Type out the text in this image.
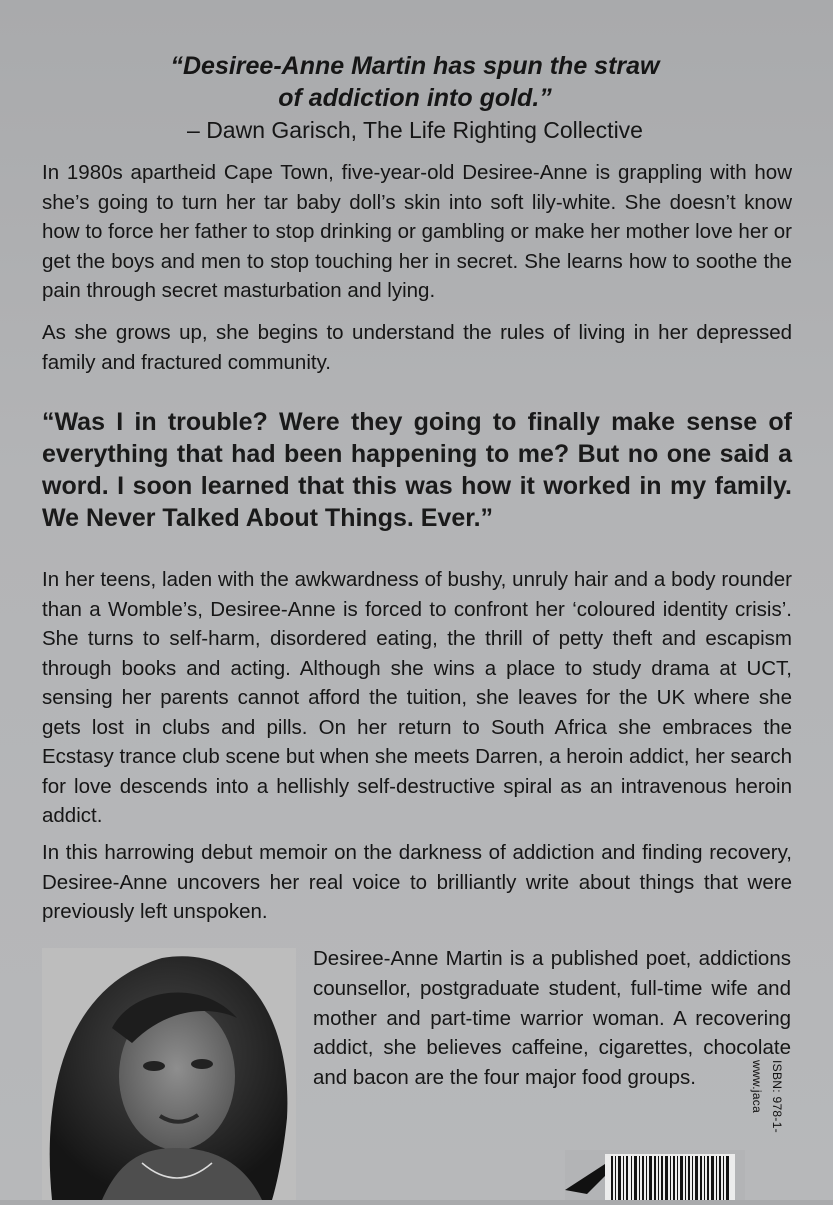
“Desiree-Anne Martin has spun the straw
of addiction into gold.”
– Dawn Garisch, The Life Righting Collective
In 1980s apartheid Cape Town, five-year-old Desiree-Anne is grappling with how she’s going to turn her tar baby doll’s skin into soft lily-white. She doesn’t know how to force her father to stop drinking or gambling or make her mother love her or get the boys and men to stop touching her in secret. She learns how to soothe the pain through secret masturbation and lying.
As she grows up, she begins to understand the rules of living in her depressed family and fractured community.
“Was I in trouble? Were they going to finally make sense of everything that had been happening to me? But no one said a word. I soon learned that this was how it worked in my family. We Never Talked About Things. Ever.”
In her teens, laden with the awkwardness of bushy, unruly hair and a body rounder than a Womble’s, Desiree-Anne is forced to confront her ‘coloured identity crisis’. She turns to self-harm, disordered eating, the thrill of petty theft and escapism through books and acting. Although she wins a place to study drama at UCT, sensing her parents cannot afford the tuition, she leaves for the UK where she gets lost in clubs and pills. On her return to South Africa she embraces the Ecstasy trance club scene but when she meets Darren, a heroin addict, her search for love descends into a hellishly self-destructive spiral as an intravenous heroin addict.
In this harrowing debut memoir on the darkness of addiction and finding recovery, Desiree-Anne uncovers her real voice to brilliantly write about things that were previously left unspoken.
Desiree-Anne Martin is a published poet, addictions counsellor, postgraduate student, full-time wife and mother and part-time warrior woman. A recovering addict, she believes caffeine, cigarettes, chocolate and bacon are the four major food groups.	ISBN: 978-1-
www.jaca
